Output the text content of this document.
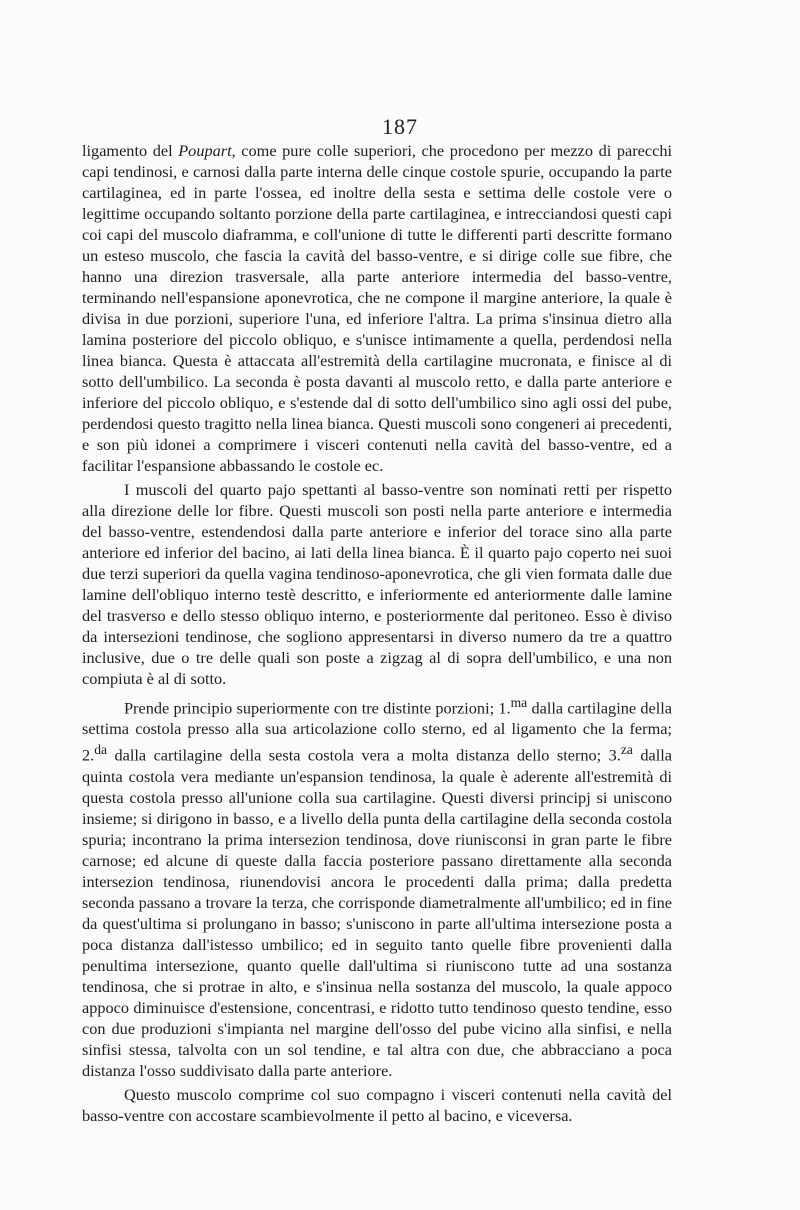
187

ligamento del Poupart, come pure colle superiori, che procedono per mezzo di parecchi capi tendinosi, e carnosi dalla parte interna delle cinque costole spurie, occupando la parte cartilaginea, ed in parte l'ossea, ed inoltre della sesta e settima delle costole vere o legittime occupando soltanto porzione della parte cartilaginea, e intrecciandosi questi capi coi capi del muscolo diaframma, e coll'unione di tutte le differenti parti descritte formano un esteso muscolo, che fascia la cavità del basso-ventre, e si dirige colle sue fibre, che hanno una direzion trasversale, alla parte anteriore intermedia del basso-ventre, terminando nell'espansione aponevrotica, che ne compone il margine anteriore, la quale è divisa in due porzioni, superiore l'una, ed inferiore l'altra. La prima s'insinua dietro alla lamina posteriore del piccolo obliquo, e s'unisce intimamente a quella, perdendosi nella linea bianca. Questa è attaccata all'estremità della cartilagine mucronata, e finisce al di sotto dell'umbilico. La seconda è posta davanti al muscolo retto, e dalla parte anteriore e inferiore del piccolo obliquo, e s'estende dal di sotto dell'umbilico sino agli ossi del pube, perdendosi questo tragitto nella linea bianca. Questi muscoli sono congeneri ai precedenti, e son più idonei a comprimere i visceri contenuti nella cavità del basso-ventre, ed a facilitar l'espansione abbassando le costole ec.

I muscoli del quarto pajo spettanti al basso-ventre son nominati retti per rispetto alla direzione delle lor fibre. Questi muscoli son posti nella parte anteriore e intermedia del basso-ventre, estendendosi dalla parte anteriore e inferior del torace sino alla parte anteriore ed inferior del bacino, ai lati della linea bianca. È il quarto pajo coperto nei suoi due terzi superiori da quella vagina tendinoso-aponevrotica, che gli vien formata dalle due lamine dell'obliquo interno testè descritto, e inferiormente ed anteriormente dalle lamine del trasverso e dello stesso obliquo interno, e posteriormente dal peritoneo. Esso è diviso da intersezioni tendinose, che sogliono appresentarsi in diverso numero da tre a quattro inclusive, due o tre delle quali son poste a zigzag al di sopra dell'umbilico, e una non compiuta è al di sotto.

Prende principio superiormente con tre distinte porzioni; 1.$^{ma}$ dalla cartilagine della settima costola presso alla sua articolazione collo sterno, ed al ligamento che la ferma; 2.$^{da}$ dalla cartilagine della sesta costola vera a molta distanza dello sterno; 3.$^{za}$ dalla quinta costola vera mediante un'espansion tendinosa, la quale è aderente all'estremità di questa costola presso all'unione colla sua cartilagine. Questi diversi principj si uniscono insieme; si dirigono in basso, e a livello della punta della cartilagine della seconda costola spuria; incontrano la prima intersezion tendinosa, dove riunisconsi in gran parte le fibre carnose; ed alcune di queste dalla faccia posteriore passano direttamente alla seconda intersezion tendinosa, riunendovisi ancora le procedenti dalla prima; dalla predetta seconda passano a trovare la terza, che corrisponde diametralmente all'umbilico; ed in fine da quest'ultima si prolungano in basso; s'uniscono in parte all'ultima intersezione posta a poca distanza dall'istesso umbilico; ed in seguito tanto quelle fibre provenienti dalla penultima intersezione, quanto quelle dall'ultima si riuniscono tutte ad una sostanza tendinosa, che si protrae in alto, e s'insinua nella sostanza del muscolo, la quale appoco appoco diminuisce d'estensione, concentrasi, e ridotto tutto tendinoso questo tendine, esso con due produzioni s'impianta nel margine dell'osso del pube vicino alla sinfisi, e nella sinfisi stessa, talvolta con un sol tendine, e tal altra con due, che abbracciano a poca distanza l'osso suddivisato dalla parte anteriore.

Questo muscolo comprime col suo compagno i visceri contenuti nella cavità del basso-ventre con accostare scambievolmente il petto al bacino, e viceversa.
